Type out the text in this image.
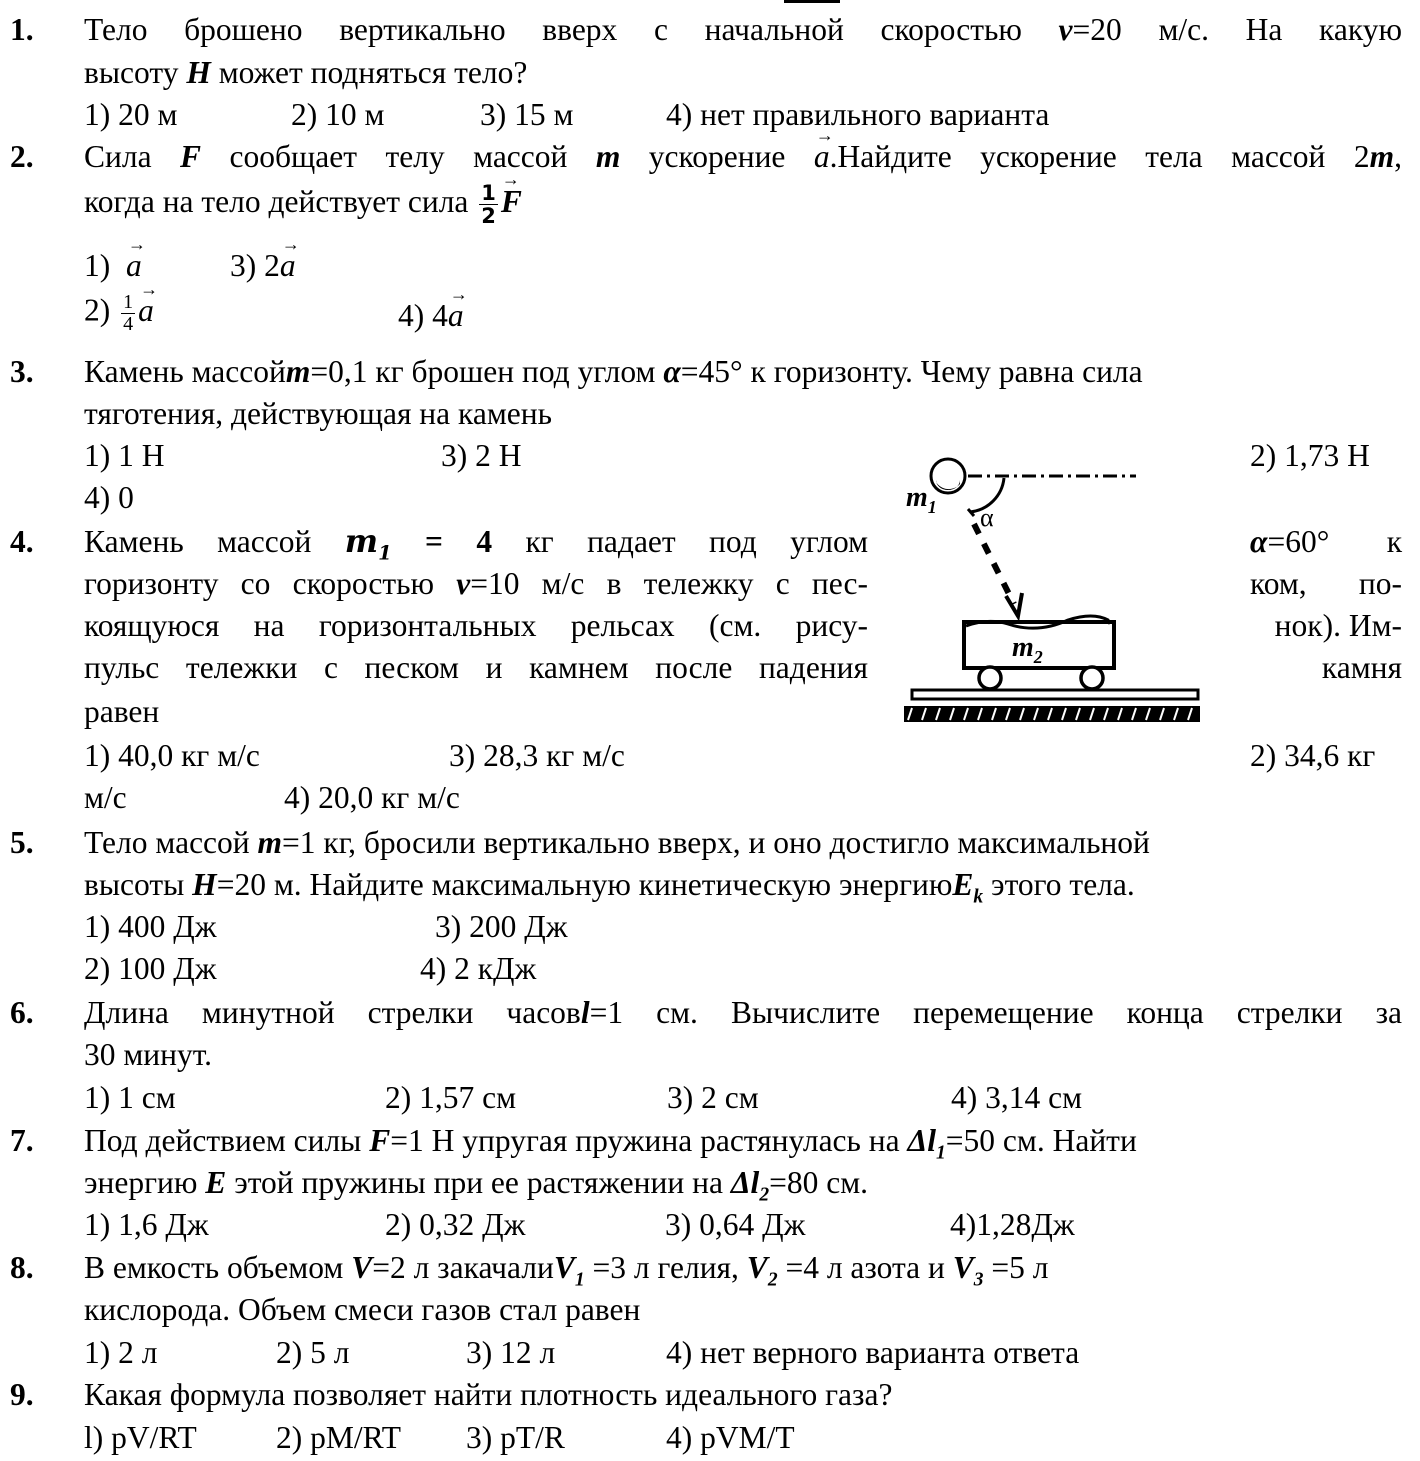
1. Тело брошено вертикально вверх с начальной скоростью v=20 м/с. На какую
высоту H может подняться тело?
1) 20 м	2) 10 м	3) 15 м	4) нет правильного варианта
2. Сила F сообщает телу массой m ускорение → a.Найдите ускорение тела массой 2m,
когда на тело действует сила $\frac{1}{2} \to F$
1) → a	3) 2→ a
$2) \frac{1}{4} \to a$	4) 4→ a
3. Камень массойm=0,1 кг брошен под углом α=45° к горизонту. Чему равна сила
тяготения, действующая на камень
1) 1 Н	3) 2 Н	2) 1,73 Н
4) 0
4. Камень массой $m_1 = 4$ кг падает под углом	α=60° к
горизонту со скоростью v=10 м/с в тележку с пес-	ком, по-
коящуюся на горизонтальных рельсах (см. рису-	нок). Им-
пульс тележки с песком и камнем после падения	камня
равен
1) 40,0 кг м/с	3) 28,3 кг м/с	2) 34,6 кг
м/с	4) 20,0 кг м/с
$m_1$ α
$m_2$
5. Тело массой m=1 кг, бросили вертикально вверх, и оно достигло максимальной
высоты H=20 м. Найдите максимальную кинетическую энергиюE$_k$ этого тела.
1) 400 Дж	3) 200 Дж
2) 100 Дж	4) 2 кДж
6. Длина минутной стрелки часовl=1 см. Вычислите перемещение конца стрелки за
30 минут.
1) 1 см	2) 1,57 см	3) 2 см	4) 3,14 см
7. Под действием силы F=1 Н упругая пружина растянулась на $\Delta l_1=50$ см. Найти
энергию E этой пружины при ее растяжении на $\Delta l_2=80$ см.
1) 1,6 Дж	2) 0,32 Дж	3) 0,64 Дж	4)1,28Дж
8. В емкость объемом V=2 л закачалиV$_1$ =3 л гелия, $V_2 =4$ л азота и $V_3 =5$ л
кислорода. Объем смеси газов стал равен
1) 2 л	2) 5 л	3) 12 л	4) нет верного варианта ответа
9. Какая формула позволяет найти плотность идеального газа?
l) pV/RT	2) pM/RT 3) pT/R	4) pVM/T
